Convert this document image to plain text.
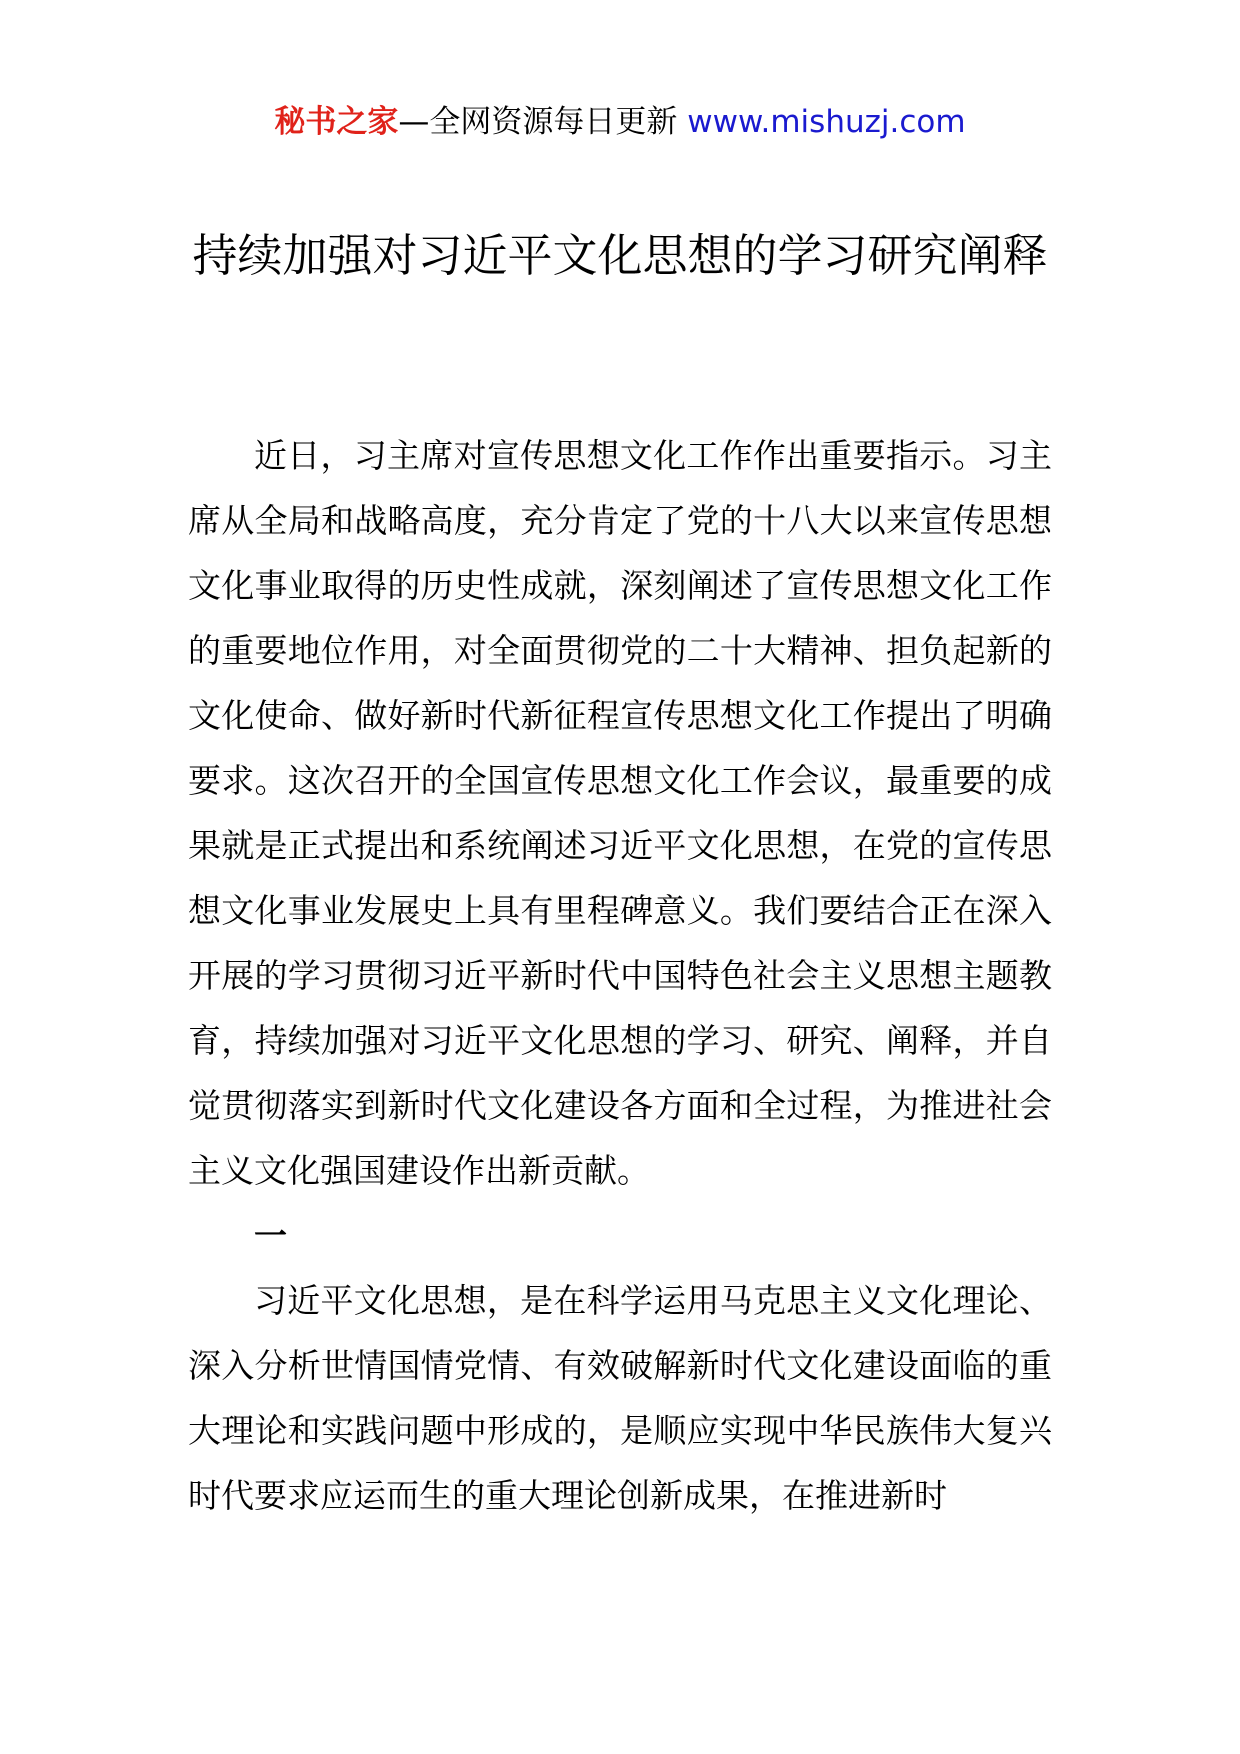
秘书之家—全网资源每日更新 www.mishuzj.com
持续加强对习近平文化思想的学习研究阐释

近日，习主席对宣传思想文化工作作出重要指示。习主席从全局和战略高度，充分肯定了党的十八大以来宣传思想文化事业取得的历史性成就，深刻阐述了宣传思想文化工作的重要地位作用，对全面贯彻党的二十大精神、担负起新的文化使命、做好新时代新征程宣传思想文化工作提出了明确要求。这次召开的全国宣传思想文化工作会议，最重要的成果就是正式提出和系统阐述习近平文化思想，在党的宣传思想文化事业发展史上具有里程碑意义。我们要结合正在深入开展的学习贯彻习近平新时代中国特色社会主义思想主题教育，持续加强对习近平文化思想的学习、研究、阐释，并自觉贯彻落实到新时代文化建设各方面和全过程，为推进社会主义文化强国建设作出新贡献。

一

习近平文化思想，是在科学运用马克思主义文化理论、深入分析世情国情党情、有效破解新时代文化建设面临的重大理论和实践问题中形成的，是顺应实现中华民族伟大复兴时代要求应运而生的重大理论创新成果，在推进新时
